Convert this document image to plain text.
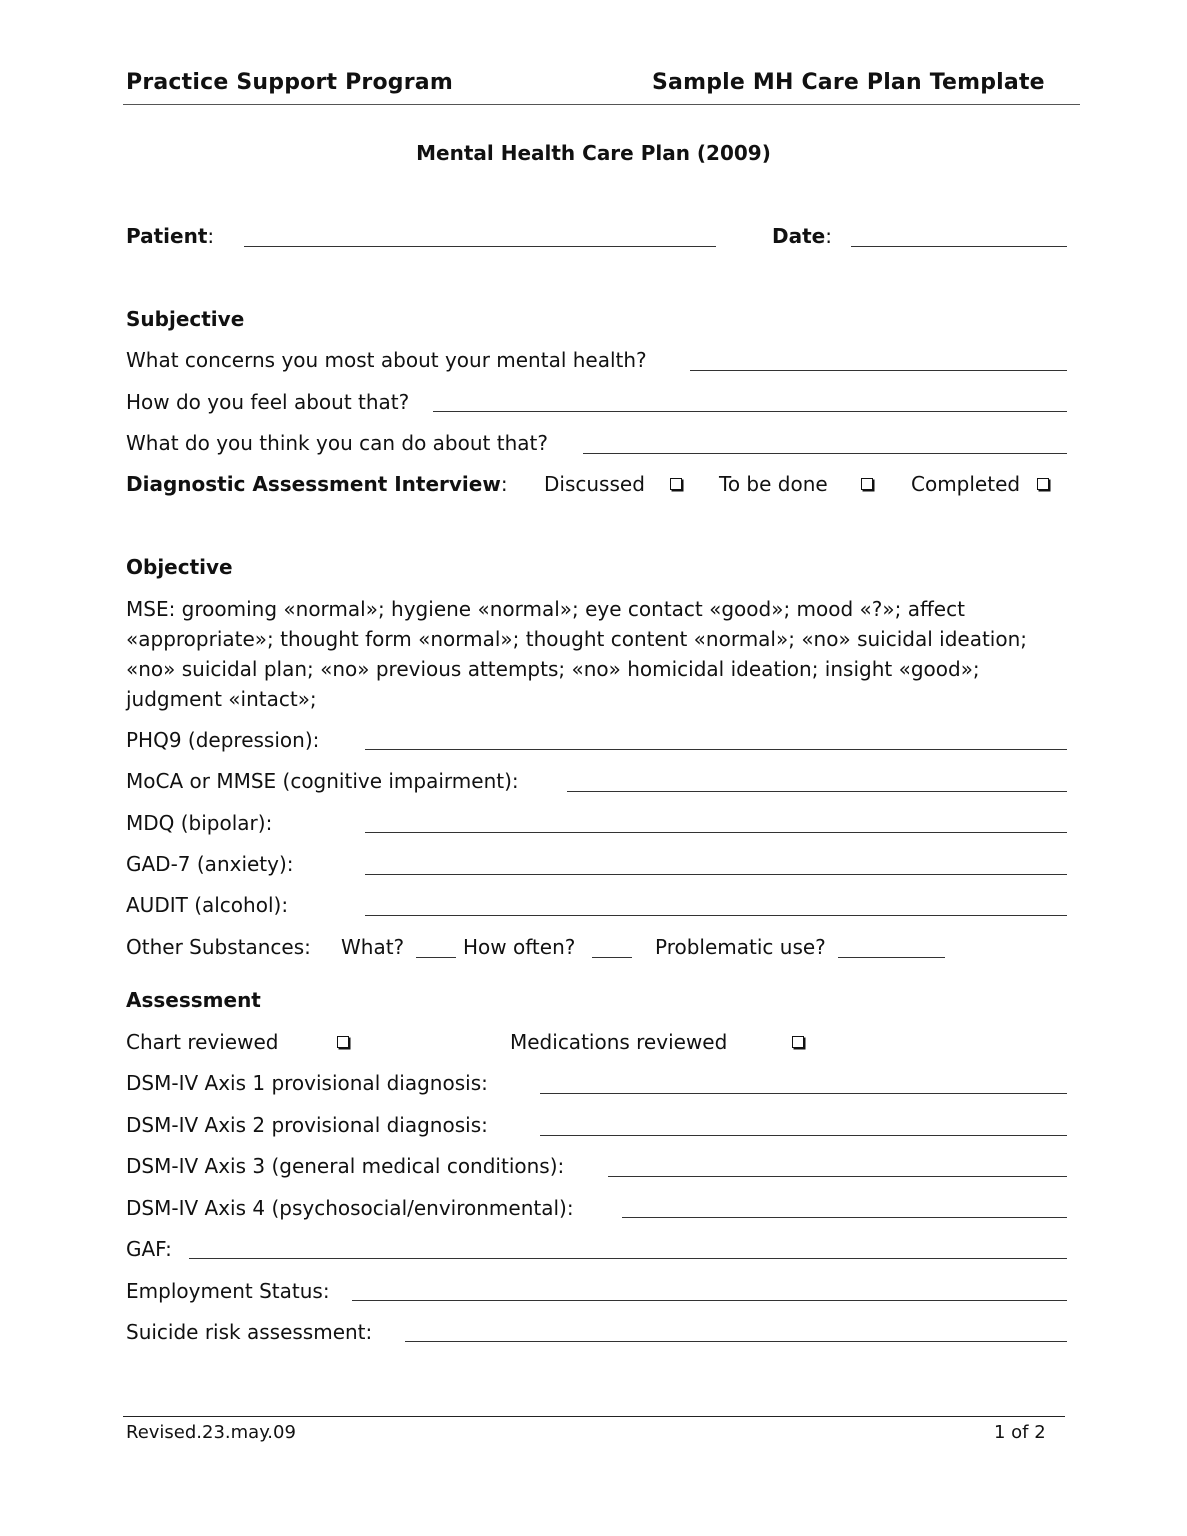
Practice Support Program	Sample MH Care Plan Template
Mental Health Care Plan (2009)
Patient:	Date:
Subjective
What concerns you most about your mental health?
How do you feel about that?
What do you think you can do about that?
Diagnostic Assessment Interview: Discussed	To be done	Completed
Objective
MSE: grooming «normal»; hygiene «normal»; eye contact «good»; mood «?»; affect «appropriate»; thought form «normal»; thought content «normal»; «no» suicidal ideation; «no» suicidal plan; «no» previous attempts; «no» homicidal ideation; insight «good»; judgment «intact»;
PHQ9 (depression):
MoCA or MMSE (cognitive impairment):
MDQ (bipolar):
GAD-7 (anxiety):
AUDIT (alcohol):
Other Substances: What?	How often?	Problematic use?
Assessment
Chart reviewed	Medications reviewed
DSM-IV Axis 1 provisional diagnosis:
DSM-IV Axis 2 provisional diagnosis:
DSM-IV Axis 3 (general medical conditions):
DSM-IV Axis 4 (psychosocial/environmental):
GAF:
Employment Status:
Suicide risk assessment:
Revised.23.may.09	1 of 2
